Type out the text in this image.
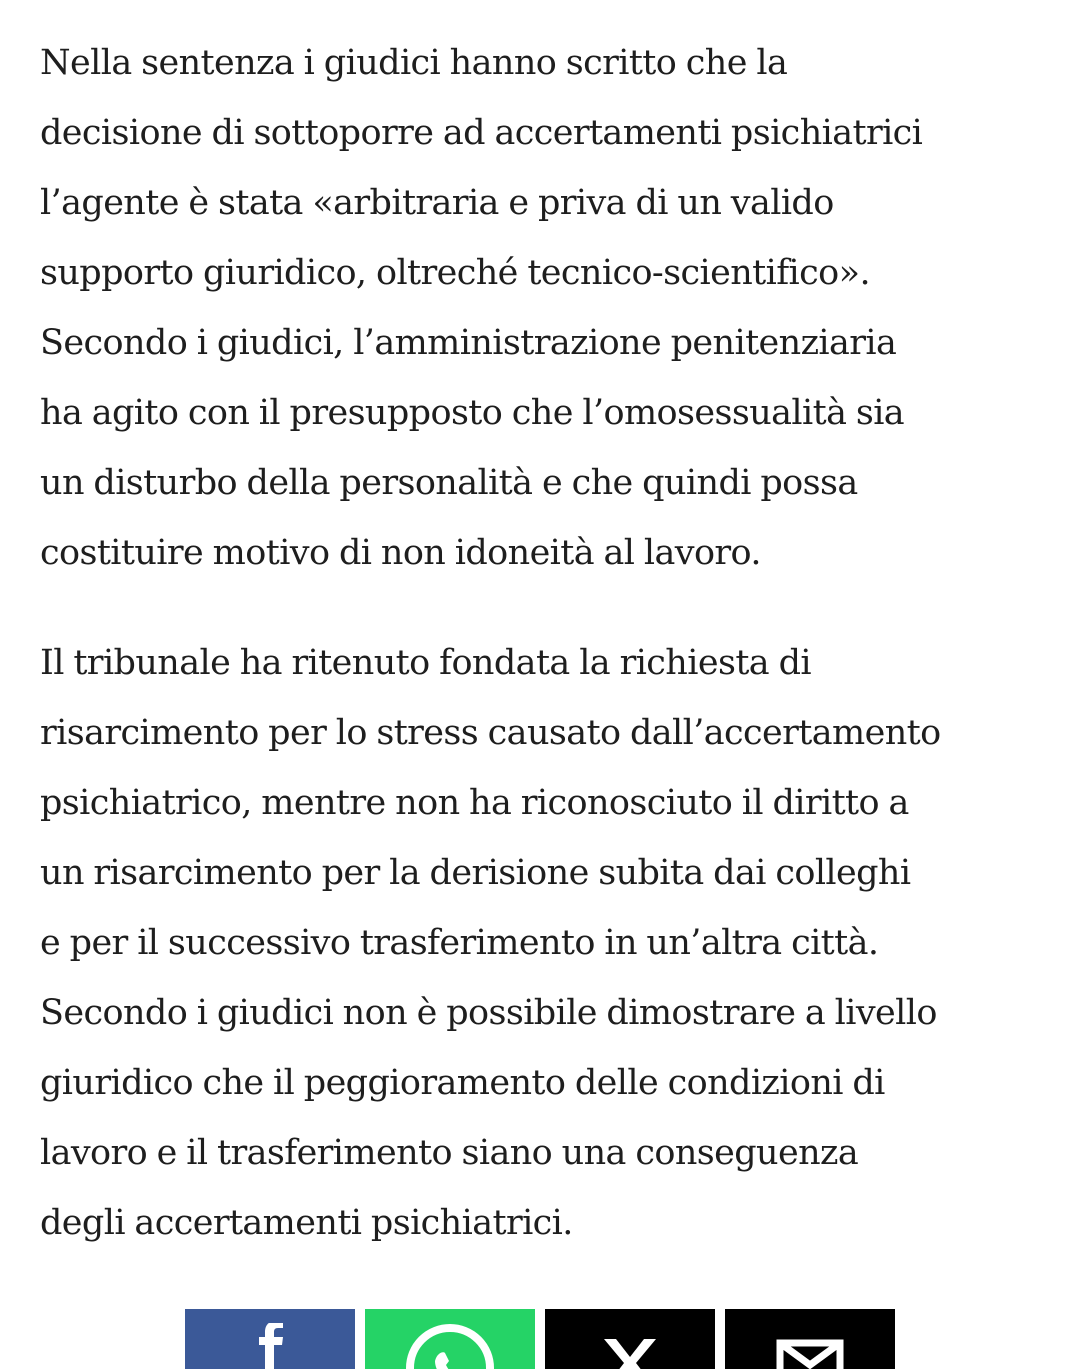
Nella sentenza i giudici hanno scritto che la
decisione di sottoporre ad accertamenti psichiatrici
l’agente è stata «arbitraria e priva di un valido
supporto giuridico, oltreché tecnico-scientifico».
Secondo i giudici, l’amministrazione penitenziaria
ha agito con il presupposto che l’omosessualità sia
un disturbo della personalità e che quindi possa
costituire motivo di non idoneità al lavoro.

Il tribunale ha ritenuto fondata la richiesta di
risarcimento per lo stress causato dall’accertamento
psichiatrico, mentre non ha riconosciuto il diritto a
un risarcimento per la derisione subita dai colleghi
e per il successivo trasferimento in un’altra città.
Secondo i giudici non è possibile dimostrare a livello
giuridico che il peggioramento delle condizioni di
lavoro e il trasferimento siano una conseguenza
degli accertamenti psichiatrici.
